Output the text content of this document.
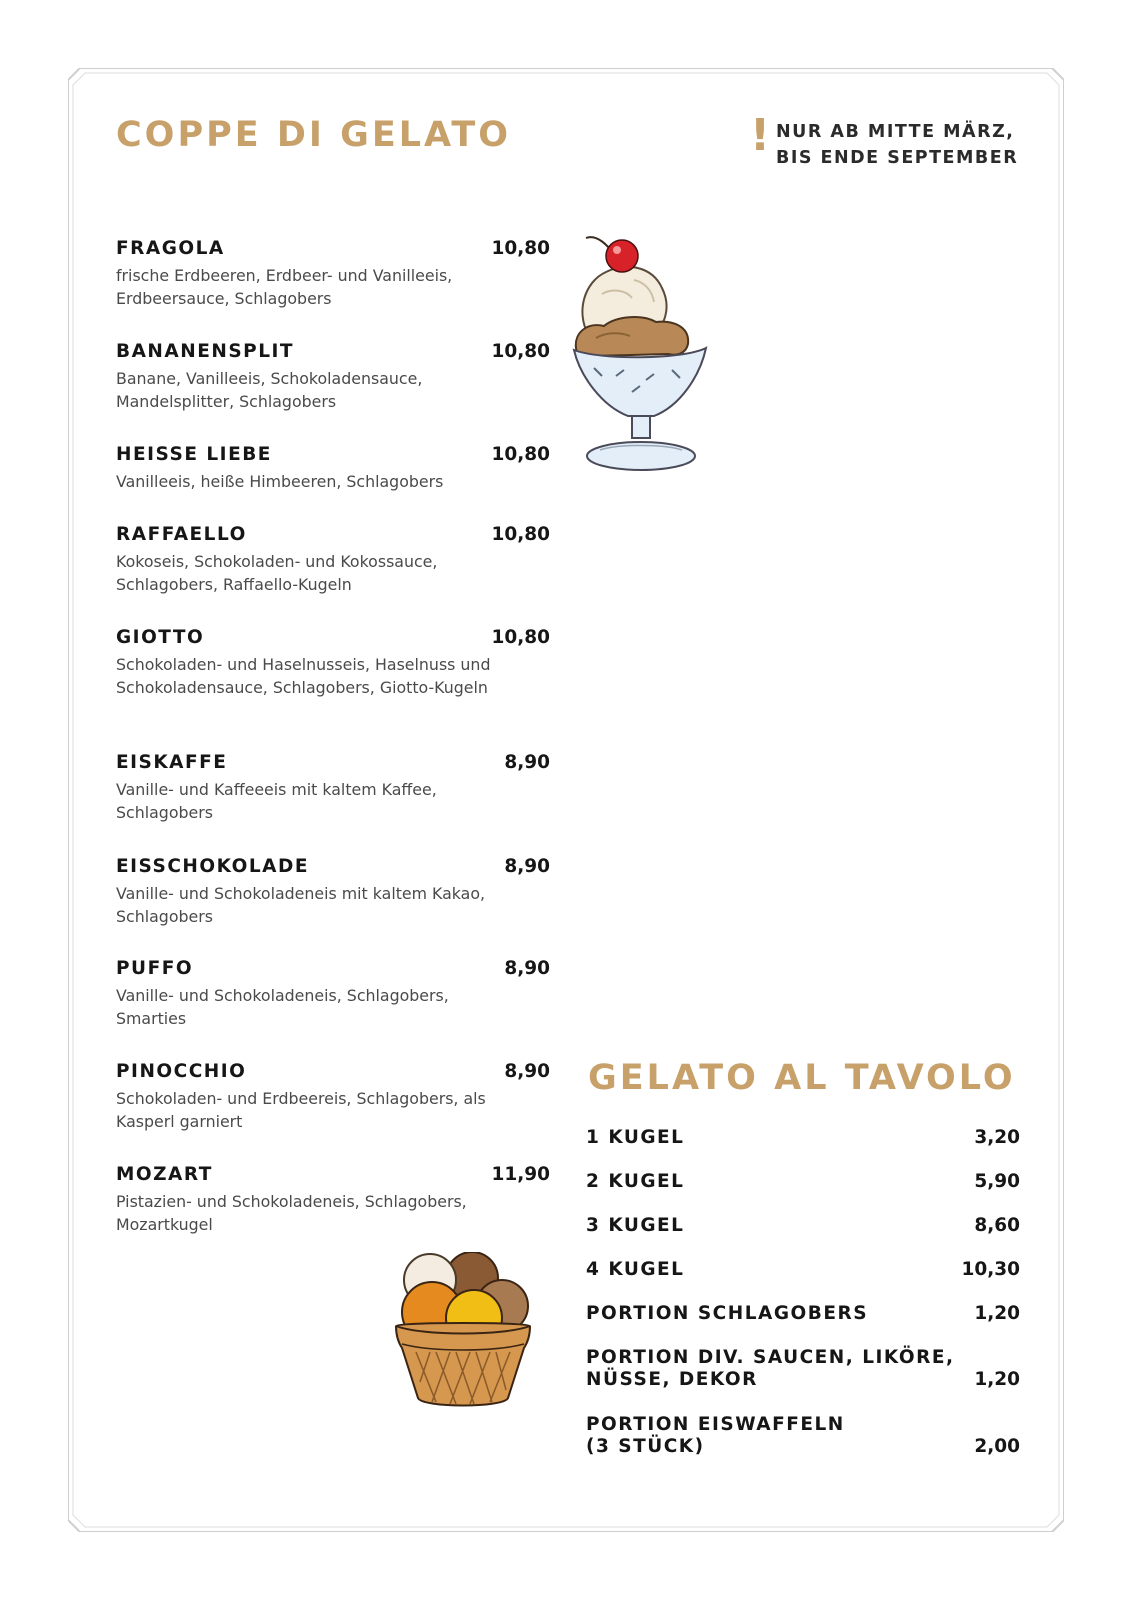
COPPE DI GELATO	! NUR AB MITTE MÄRZ,
BIS ENDE SEPTEMBER
FRAGOLA	10,80
frische Erdbeeren, Erdbeer- und Vanilleeis, Erdbeersauce, Schlagobers
BANANENSPLIT	10,80
Banane, Vanilleeis, Schokoladensauce, Mandelsplitter, Schlagobers
HEISSE LIEBE	10,80
Vanilleeis, heiße Himbeeren, Schlagobers
RAFFAELLO	10,80
Kokoseis, Schokoladen- und Kokossauce, Schlagobers, Raffaello-Kugeln
GIOTTO	10,80
Schokoladen- und Haselnusseis, Haselnuss und Schokoladensauce, Schlagobers, Giotto-Kugeln
EISKAFFE	8,90
Vanille- und Kaffeeeis mit kaltem Kaffee, Schlagobers
EISSCHOKOLADE	8,90
Vanille- und Schokoladeneis mit kaltem Kakao, Schlagobers
PUFFO	8,90
Vanille- und Schokoladeneis, Schlagobers, Smarties
PINOCCHIO	8,90
Schokoladen- und Erdbeereis, Schlagobers, als Kasperl garniert
MOZART	11,90
Pistazien- und Schokoladeneis, Schlagobers, Mozartkugel
GELATO AL TAVOLO
1 KUGEL	3,20
2 KUGEL	5,90
3 KUGEL	8,60
4 KUGEL	10,30
PORTION SCHLAGOBERS	1,20
PORTION DIV. SAUCEN, LIKÖRE,
NÜSSE, DEKOR	1,20
PORTION EISWAFFELN
(3 STÜCK)	2,00
